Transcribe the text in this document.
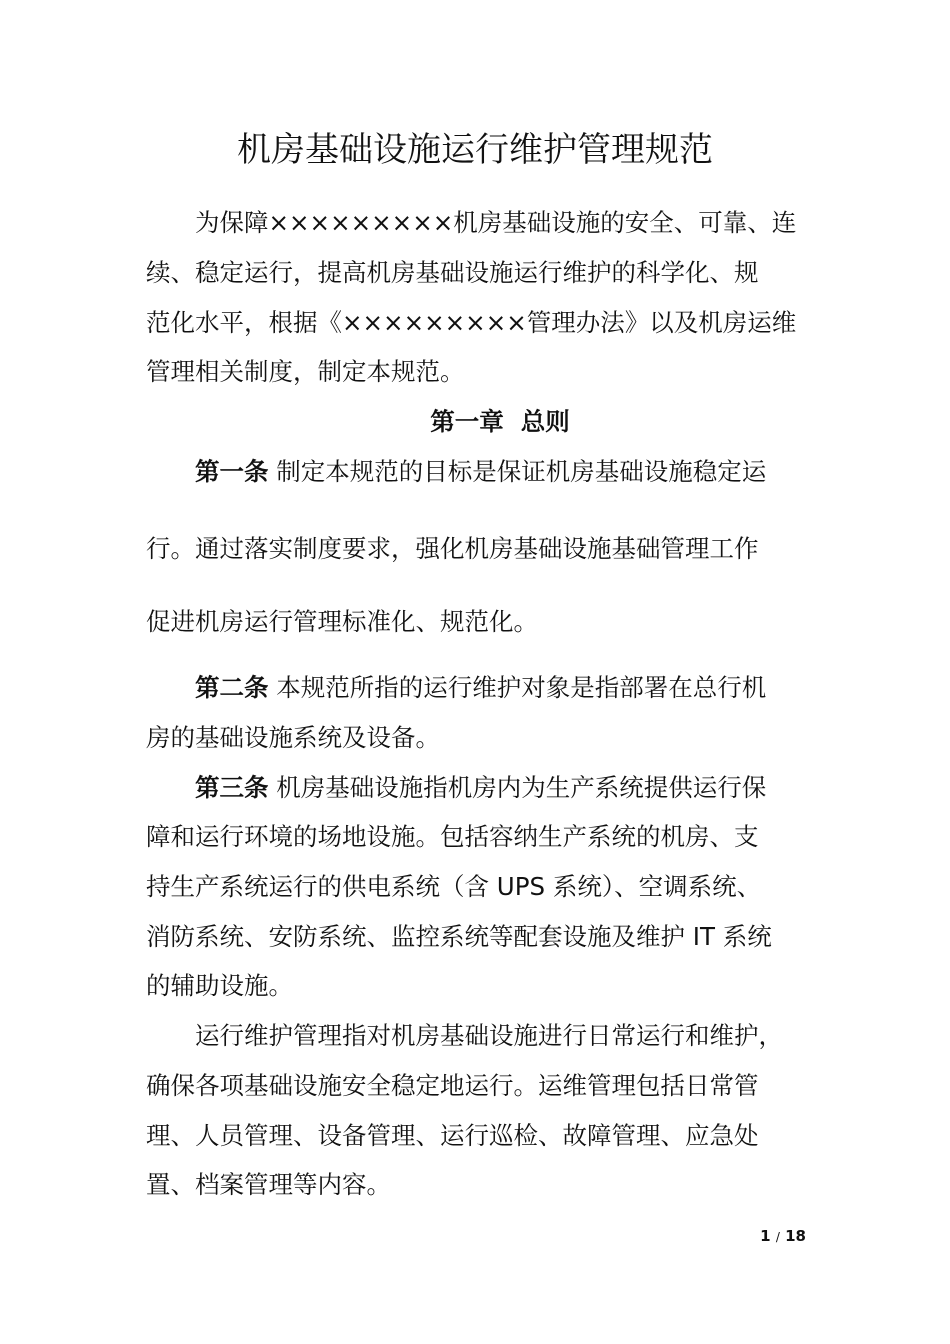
机房基础设施运行维护管理规范
为保障×××××××××机房基础设施的安全、可靠、连
续、稳定运行，提高机房基础设施运行维护的科学化、规
范化水平，根据《×××××××××管理办法》以及机房运维
管理相关制度，制定本规范。
第一章  总则
第一条 制定本规范的目标是保证机房基础设施稳定运
行。通过落实制度要求，强化机房基础设施基础管理工作
促进机房运行管理标准化、规范化。
第二条 本规范所指的运行维护对象是指部署在总行机
房的基础设施系统及设备。
第三条 机房基础设施指机房内为生产系统提供运行保
障和运行环境的场地设施。包括容纳生产系统的机房、支
持生产系统运行的供电系统（含 UPS 系统）、空调系统、
消防系统、安防系统、监控系统等配套设施及维护 IT 系统
的辅助设施。
运行维护管理指对机房基础设施进行日常运行和维护，
确保各项基础设施安全稳定地运行。运维管理包括日常管
理、人员管理、设备管理、运行巡检、故障管理、应急处
置、档案管理等内容。
1 / 18
